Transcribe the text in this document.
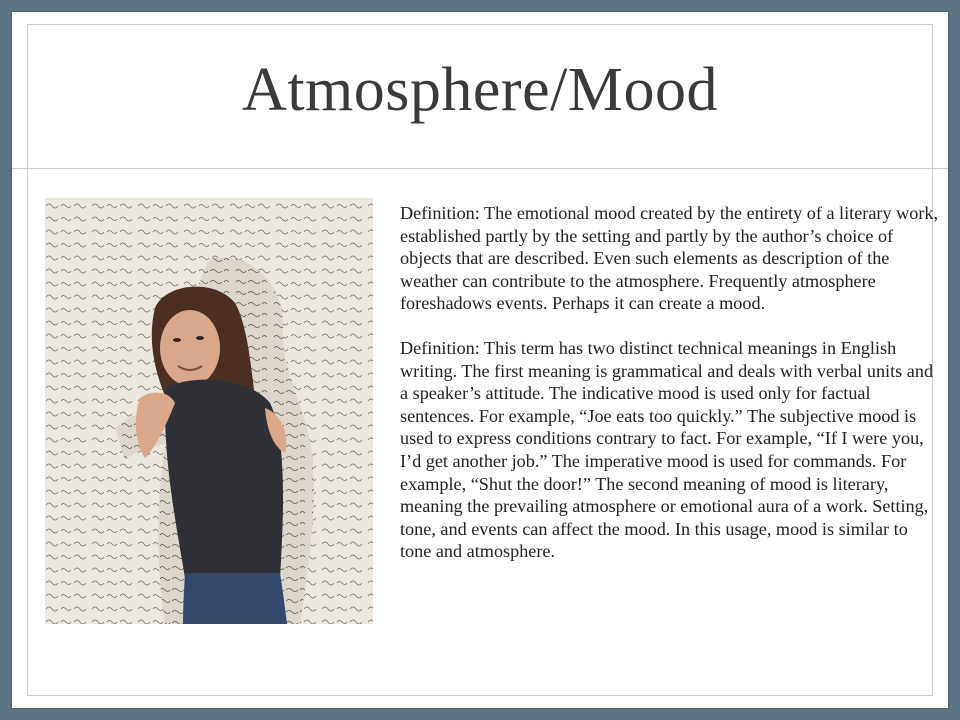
Atmosphere/Mood

Definition: The emotional mood created by the entirety of a literary work, established partly by the setting and partly by the author’s choice of objects that are described. Even such elements as description of the weather can contribute to the atmosphere. Frequently atmosphere foreshadows events. Perhaps it can create a mood.

Definition: This term has two distinct technical meanings in English writing. The first meaning is grammatical and deals with verbal units and a speaker’s attitude. The indicative mood is used only for factual sentences. For example, “Joe eats too quickly.” The subjective mood is used to express conditions contrary to fact. For example, “If I were you, I’d get another job.” The imperative mood is used for commands. For example, “Shut the door!” The second meaning of mood is literary, meaning the prevailing atmosphere or emotional aura of a work. Setting, tone, and events can affect the mood. In this usage, mood is similar to tone and atmosphere.
